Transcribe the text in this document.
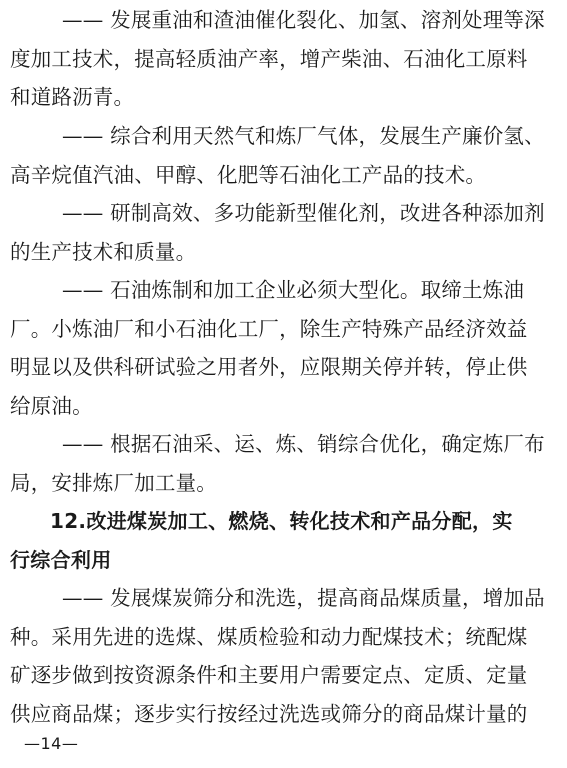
—— 发展重油和渣油催化裂化、加氢、溶剂处理等深
度加工技术，提高轻质油产率，增产柴油、石油化工原料
和道路沥青。

—— 综合利用天然气和炼厂气体，发展生产廉价氢、
高辛烷值汽油、甲醇、化肥等石油化工产品的技术。

—— 研制高效、多功能新型催化剂，改进各种添加剂
的生产技术和质量。

—— 石油炼制和加工企业必须大型化。取缔土炼油
厂。小炼油厂和小石油化工厂，除生产特殊产品经济效益
明显以及供科研试验之用者外，应限期关停并转，停止供
给原油。

—— 根据石油采、运、炼、销综合优化，确定炼厂布
局，安排炼厂加工量。

12.改进煤炭加工、燃烧、转化技术和产品分配，实
行综合利用

—— 发展煤炭筛分和洗选，提高商品煤质量，增加品
种。采用先进的选煤、煤质检验和动力配煤技术；统配煤
矿逐步做到按资源条件和主要用户需要定点、定质、定量
供应商品煤；逐步实行按经过洗选或筛分的商品煤计量的

—14—
